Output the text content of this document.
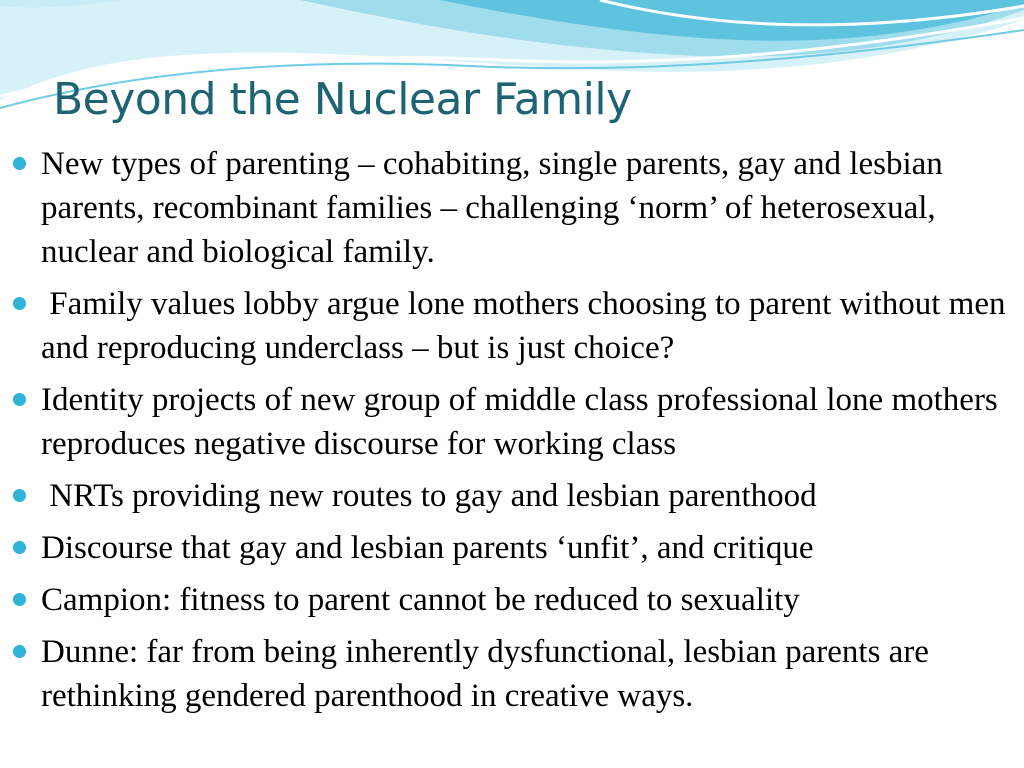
Beyond the Nuclear Family
New types of parenting – cohabiting, single parents, gay and lesbian parents, recombinant families – challenging ‘norm’ of heterosexual, nuclear and biological family.
Family values lobby argue lone mothers choosing to parent without men and reproducing underclass – but is just choice?
Identity projects of new group of middle class professional lone mothers reproduces negative discourse for working class
NRTs providing new routes to gay and lesbian parenthood
Discourse that gay and lesbian parents ‘unfit’, and critique
Campion: fitness to parent cannot be reduced to sexuality
Dunne: far from being inherently dysfunctional, lesbian parents are rethinking gendered parenthood in creative ways.
